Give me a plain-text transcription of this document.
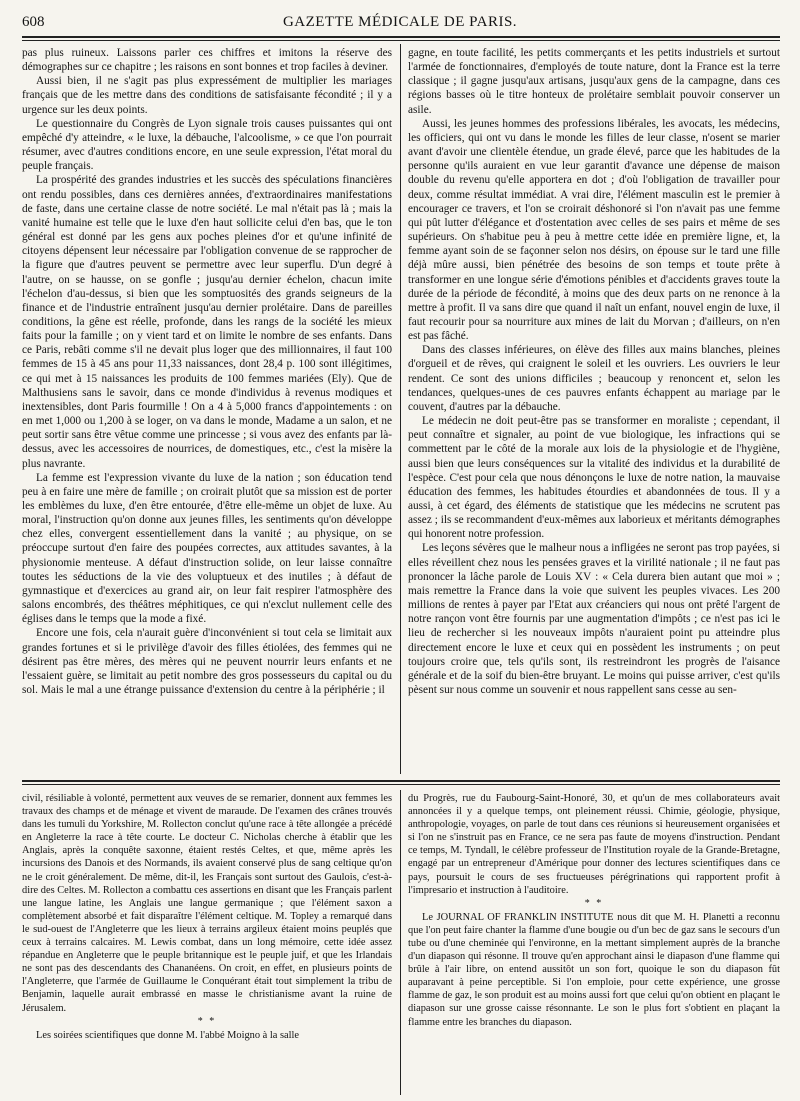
608	GAZETTE MÉDICALE DE PARIS.

pas plus ruineux. Laissons parler ces chiffres et imitons la réserve des démographes sur ce chapitre ; les raisons en sont bonnes et trop faciles à deviner.

Aussi bien, il ne s'agit pas plus expressément de multiplier les mariages français que de les mettre dans des conditions de satisfaisante fécondité ; il y a urgence sur les deux points.

Le questionnaire du Congrès de Lyon signale trois causes puissantes qui ont empêché d'y atteindre, « le luxe, la débauche, l'alcoolisme, » ce que l'on pourrait résumer, avec d'autres conditions encore, en une seule expression, l'état moral du peuple français.

La prospérité des grandes industries et les succès des spéculations financières ont rendu possibles, dans ces dernières années, d'extraordinaires manifestations de faste, dans une certaine classe de notre société. Le mal n'était pas là ; mais la vanité humaine est telle que le luxe d'en haut sollicite celui d'en bas, que le ton général est donné par les gens aux poches pleines d'or et qu'une infinité de citoyens dépensent leur nécessaire par l'obligation convenue de se rapprocher de la figure que d'autres peuvent se permettre avec leur superflu. D'un degré à l'autre, on se hausse, on se gonfle ; jusqu'au dernier échelon, chacun imite l'échelon d'au-dessus, si bien que les somptuosités des grands seigneurs de la finance et de l'industrie entraînent jusqu'au dernier prolétaire. Dans de pareilles conditions, la gêne est réelle, profonde, dans les rangs de la société les mieux faits pour la famille ; on y vient tard et on limite le nombre de ses enfants. Dans ce Paris, rebâti comme s'il ne devait plus loger que des millionnaires, il faut 100 femmes de 15 à 45 ans pour 11,33 naissances, dont 28,4 p. 100 sont illégitimes, ce qui met à 15 naissances les produits de 100 femmes mariées (Ely). Que de Malthusiens sans le savoir, dans ce monde d'individus à revenus modiques et inextensibles, dont Paris fourmille ! On a 4 à 5,000 francs d'appointements : on en met 1,000 ou 1,200 à se loger, on va dans le monde, Madame a un salon, et ne peut sortir sans être vêtue comme une princesse ; si vous avez des enfants par là-dessus, avec les accessoires de nourrices, de domestiques, etc., c'est la misère la plus navrante.

La femme est l'expression vivante du luxe de la nation ; son éducation tend peu à en faire une mère de famille ; on croirait plutôt que sa mission est de porter les emblèmes du luxe, d'en être entourée, d'être elle-même un objet de luxe. Au moral, l'instruction qu'on donne aux jeunes filles, les sentiments qu'on développe chez elles, convergent essentiellement dans la vanité ; au physique, on se préoccupe surtout d'en faire des poupées correctes, aux attitudes savantes, à la physionomie menteuse. A défaut d'instruction solide, on leur laisse connaître toutes les séductions de la vie des voluptueux et des inutiles ; à défaut de gymnastique et d'exercices au grand air, on leur fait respirer l'atmosphère des salons encombrés, des théâtres méphitiques, ce qui n'exclut nullement celle des églises dans le temps que la mode a fixé.

Encore une fois, cela n'aurait guère d'inconvénient si tout cela se limitait aux grandes fortunes et si le privilège d'avoir des filles étiolées, des femmes qui ne désirent pas être mères, des mères qui ne peuvent nourrir leurs enfants et ne l'essaient guère, se limitait au petit nombre des gros possesseurs du capital ou du sol. Mais le mal a une étrange puissance d'extension du centre à la périphérie ; il

gagne, en toute facilité, les petits commerçants et les petits industriels et surtout l'armée de fonctionnaires, d'employés de toute nature, dont la France est la terre classique ; il gagne jusqu'aux artisans, jusqu'aux gens de la campagne, dans ces régions basses où le titre honteux de prolétaire semblait pouvoir conserver un asile.

Aussi, les jeunes hommes des professions libérales, les avocats, les médecins, les officiers, qui ont vu dans le monde les filles de leur classe, n'osent se marier avant d'avoir une clientèle étendue, un grade élevé, parce que les habitudes de la personne qu'ils auraient en vue leur garantit d'avance une dépense de maison double du revenu qu'elle apportera en dot ; d'où l'obligation de travailler pour deux, comme résultat immédiat. A vrai dire, l'élément masculin est le premier à encourager ce travers, et l'on se croirait déshonoré si l'on n'avait pas une femme qui pût lutter d'élégance et d'ostentation avec celles de ses pairs et même de ses supérieurs. On s'habitue peu à peu à mettre cette idée en première ligne, et, la femme ayant soin de se façonner selon nos désirs, on épouse sur le tard une fille déjà mûre aussi, bien pénétrée des besoins de son temps et toute prête à transformer en une longue série d'émotions pénibles et d'accidents graves toute la durée de la période de fécondité, à moins que des deux parts on ne renonce à la mettre à profit. Il va sans dire que quand il naît un enfant, nouvel engin de luxe, il faut recourir pour sa nourriture aux mines de lait du Morvan ; d'ailleurs, on n'en est pas fâché.

Dans des classes inférieures, on élève des filles aux mains blanches, pleines d'orgueil et de rêves, qui craignent le soleil et les ouvriers. Les ouvriers le leur rendent. Ce sont des unions difficiles ; beaucoup y renoncent et, selon les tendances, quelques-unes de ces pauvres enfants échappent au mariage par le couvent, d'autres par la débauche.

Le médecin ne doit peut-être pas se transformer en moraliste ; cependant, il peut connaître et signaler, au point de vue biologique, les infractions qui se commettent par le côté de la morale aux lois de la physiologie et de l'hygiène, aussi bien que leurs conséquences sur la vitalité des individus et la durabilité de l'espèce. C'est pour cela que nous dénonçons le luxe de notre nation, la mauvaise éducation des femmes, les habitudes étourdies et abandonnées de tous. Il y a aussi, à cet égard, des éléments de statistique que les médecins ne scrutent pas assez ; ils se recommandent d'eux-mêmes aux laborieux et méritants démographes qui honorent notre profession.

Les leçons sévères que le malheur nous a infligées ne seront pas trop payées, si elles réveillent chez nous les pensées graves et la virilité nationale ; il ne faut pas prononcer la lâche parole de Louis XV : « Cela durera bien autant que moi » ; mais remettre la France dans la voie que suivent les peuples vivaces. Les 200 millions de rentes à payer par l'Etat aux créanciers qui nous ont prêté l'argent de notre rançon vont être fournis par une augmentation d'impôts ; ce n'est pas ici le lieu de rechercher si les nouveaux impôts n'auraient point pu atteindre plus directement encore le luxe et ceux qui en possèdent les instruments ; on peut toujours croire que, tels qu'ils sont, ils restreindront les progrès de l'aisance générale et de la soif du bien-être bruyant. Le moins qui puisse arriver, c'est qu'ils pèsent sur nous comme un souvenir et nous rappellent sans cesse au sen-

civil, résiliable à volonté, permettent aux veuves de se remarier, donnent aux femmes les travaux des champs et de ménage et vivent de maraude. De l'examen des crânes trouvés dans les tumuli du Yorkshire, M. Rollecton conclut qu'une race à tête allongée a précédé en Angleterre la race à tête courte. Le docteur C. Nicholas cherche à établir que les Anglais, après la conquête saxonne, étaient restés Celtes, et que, même après les incursions des Danois et des Normands, ils avaient conservé plus de sang celtique qu'on ne le croit généralement. De même, dit-il, les Français sont surtout des Gaulois, c'est-à-dire des Celtes. M. Rollecton a combattu ces assertions en disant que les Français parlent une langue latine, les Anglais une langue germanique ; que l'élément saxon a complètement absorbé et fait disparaître l'élément celtique. M. Topley a remarqué dans le sud-ouest de l'Angleterre que les lieux à terrains argileux étaient moins peuplés que ceux à terrains calcaires. M. Lewis combat, dans un long mémoire, cette idée assez répandue en Angleterre que le peuple britannique est le peuple juif, et que les Irlandais ne sont pas des descendants des Chananéens. On croit, en effet, en plusieurs points de l'Angleterre, que l'armée de Guillaume le Conquérant était tout simplement la tribu de Benjamin, laquelle aurait embrassé en masse le christianisme avant la ruine de Jérusalem.

* *

Les soirées scientifiques que donne M. l'abbé Moigno à la salle

du Progrès, rue du Faubourg-Saint-Honoré, 30, et qu'un de mes collaborateurs avait annoncées il y a quelque temps, ont pleinement réussi. Chimie, géologie, physique, anthropologie, voyages, on parle de tout dans ces réunions si heureusement organisées et si l'on ne s'instruit pas en France, ce ne sera pas faute de moyens d'instruction. Pendant ce temps, M. Tyndall, le célèbre professeur de l'Institution royale de la Grande-Bretagne, engagé par un entrepreneur d'Amérique pour donner des lectures scientifiques dans ce pays, poursuit le cours de ses fructueuses pérégrinations qui rapportent profit à l'impresario et instruction à l'auditoire.

* *

Le JOURNAL OF FRANKLIN INSTITUTE nous dit que M. H. Planetti a reconnu que l'on peut faire chanter la flamme d'une bougie ou d'un bec de gaz sans le secours d'un tube ou d'une cheminée qui l'environne, en la mettant simplement auprès de la branche d'un diapason qui résonne. Il trouve qu'en approchant ainsi le diapason d'une flamme qui brûle à l'air libre, on entend aussitôt un son fort, quoique le son du diapason fût auparavant à peine perceptible. Si l'on emploie, pour cette expérience, une grosse flamme de gaz, le son produit est au moins aussi fort que celui qu'on obtient en plaçant le diapason sur une grosse caisse résonnante. Le son le plus fort s'obtient en plaçant la flamme entre les branches du diapason.
